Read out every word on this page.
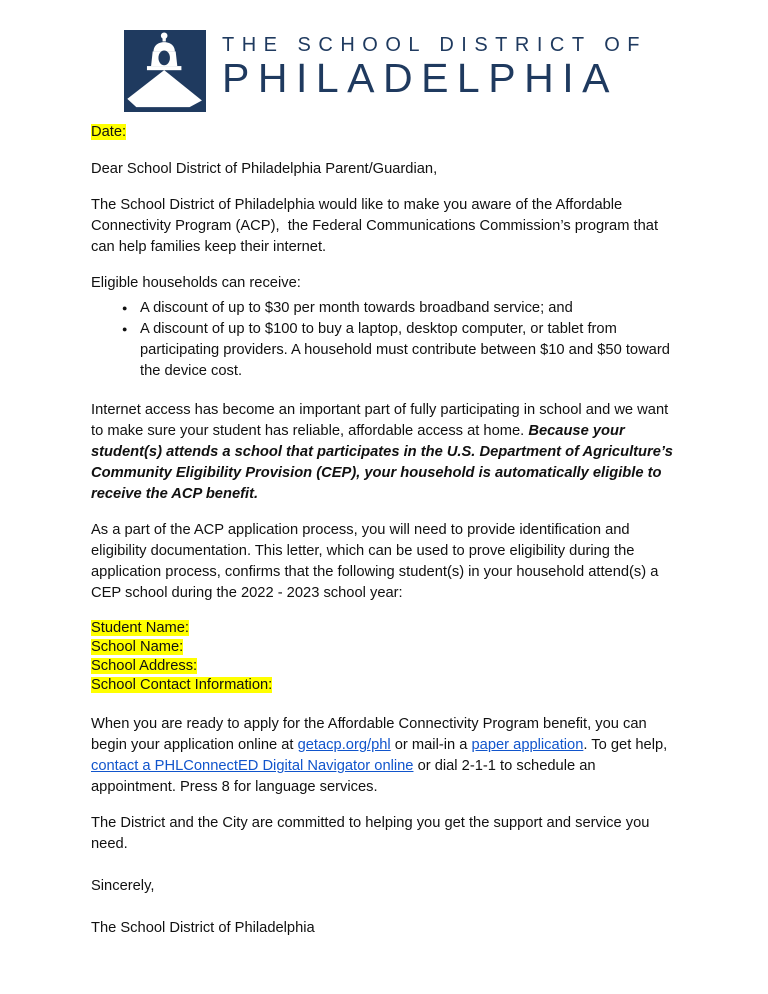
THE SCHOOL DISTRICT OF
PHILADELPHIA

Date:

Dear School District of Philadelphia Parent/Guardian,

The School District of Philadelphia would like to make you aware of the Affordable Connectivity Program (ACP),  the Federal Communications Commission’s program that can help families keep their internet.

Eligible households can receive:

● A discount of up to $30 per month towards broadband service; and
● A discount of up to $100 to buy a laptop, desktop computer, or tablet from participating providers. A household must contribute between $10 and $50 toward the device cost.

Internet access has become an important part of fully participating in school and we want to make sure your student has reliable, affordable access at home. Because your student(s) attends a school that participates in the U.S. Department of Agriculture’s Community Eligibility Provision (CEP), your household is automatically eligible to receive the ACP benefit.

As a part of the ACP application process, you will need to provide identification and eligibility documentation. This letter, which can be used to prove eligibility during the application process, confirms that the following student(s) in your household attend(s) a CEP school during the 2022 - 2023 school year:

Student Name:

School Name:

School Address:

School Contact Information:

When you are ready to apply for the Affordable Connectivity Program benefit, you can begin your application online at getacp.org/phl or mail-in a paper application. To get help, contact a PHLConnectED Digital Navigator online or dial 2-1-1 to schedule an appointment. Press 8 for language services.

The District and the City are committed to helping you get the support and service you need.

Sincerely,

The School District of Philadelphia
